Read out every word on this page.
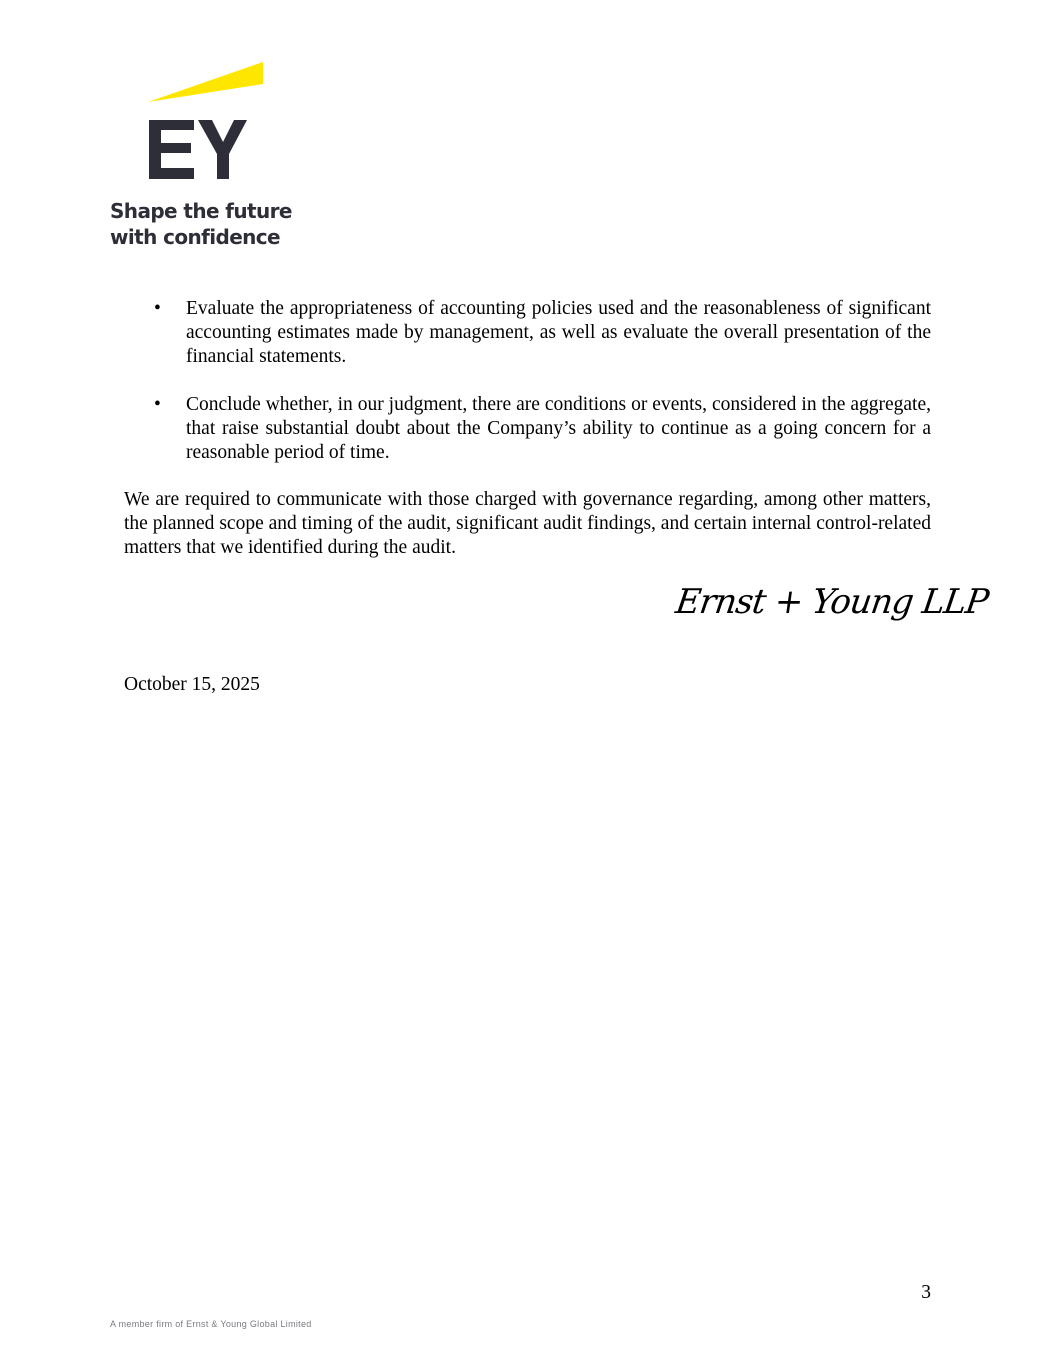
Shape the future
with confidence
• Evaluate the appropriateness of accounting policies used and the reasonableness of significant accounting estimates made by management, as well as evaluate the overall presentation of the financial statements.
• Conclude whether, in our judgment, there are conditions or events, considered in the aggregate, that raise substantial doubt about the Company’s ability to continue as a going concern for a reasonable period of time.

We are required to communicate with those charged with governance regarding, among other matters, the planned scope and timing of the audit, significant audit findings, and certain internal control-related matters that we identified during the audit.

Ernst + Young LLP
October 15, 2025
3
A member firm of Ernst & Young Global Limited
